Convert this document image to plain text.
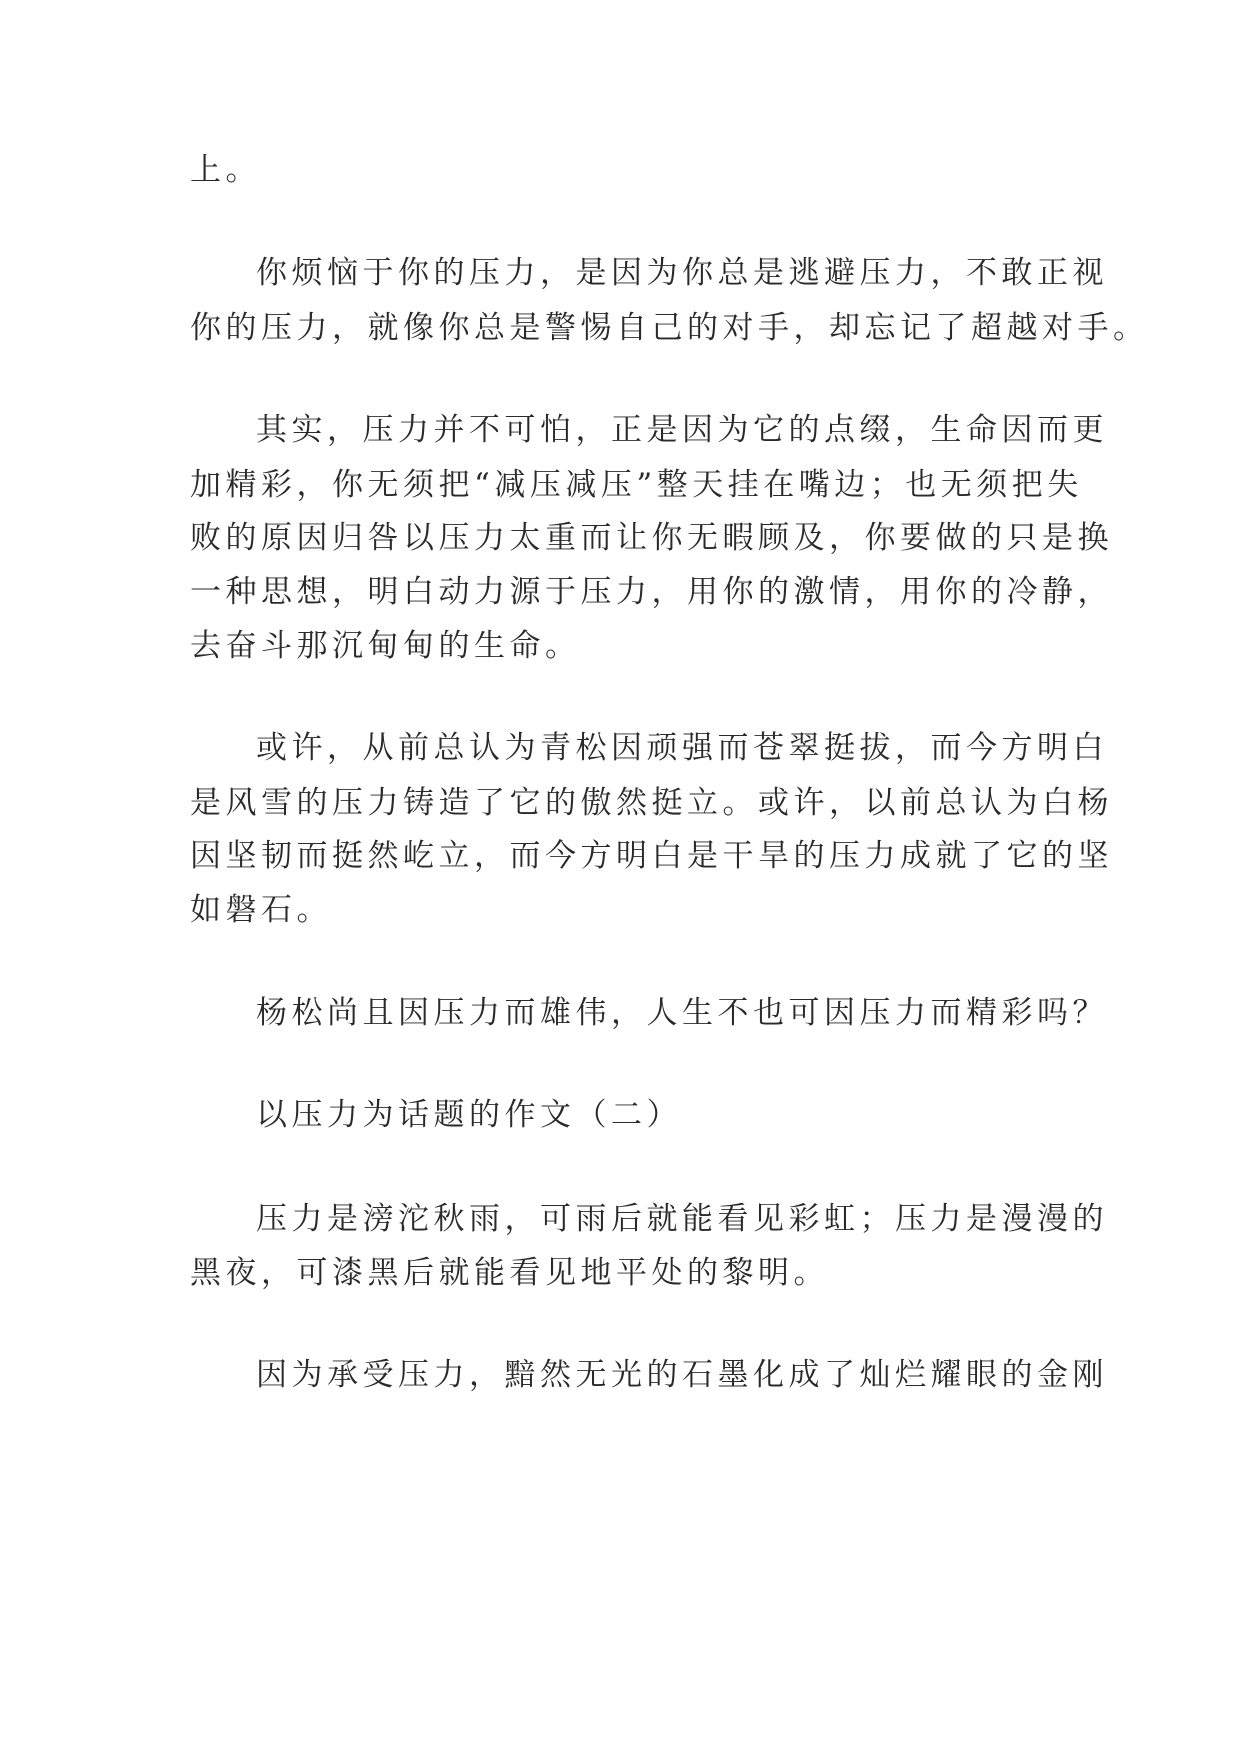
上。
你烦恼于你的压力，是因为你总是逃避压力，不敢正视
你的压力，就像你总是警惕自己的对手，却忘记了超越对手。
其实，压力并不可怕，正是因为它的点缀，生命因而更
加精彩，你无须把“减压减压”整天挂在嘴边；也无须把失
败的原因归咎以压力太重而让你无暇顾及，你要做的只是换
一种思想，明白动力源于压力，用你的激情，用你的冷静，
去奋斗那沉甸甸的生命。
或许，从前总认为青松因顽强而苍翠挺拔，而今方明白
是风雪的压力铸造了它的傲然挺立。或许，以前总认为白杨
因坚韧而挺然屹立，而今方明白是干旱的压力成就了它的坚
如磐石。
杨松尚且因压力而雄伟，人生不也可因压力而精彩吗？
以压力为话题的作文（二）
压力是滂沱秋雨，可雨后就能看见彩虹；压力是漫漫的
黑夜，可漆黑后就能看见地平处的黎明。
因为承受压力，黯然无光的石墨化成了灿烂耀眼的金刚
